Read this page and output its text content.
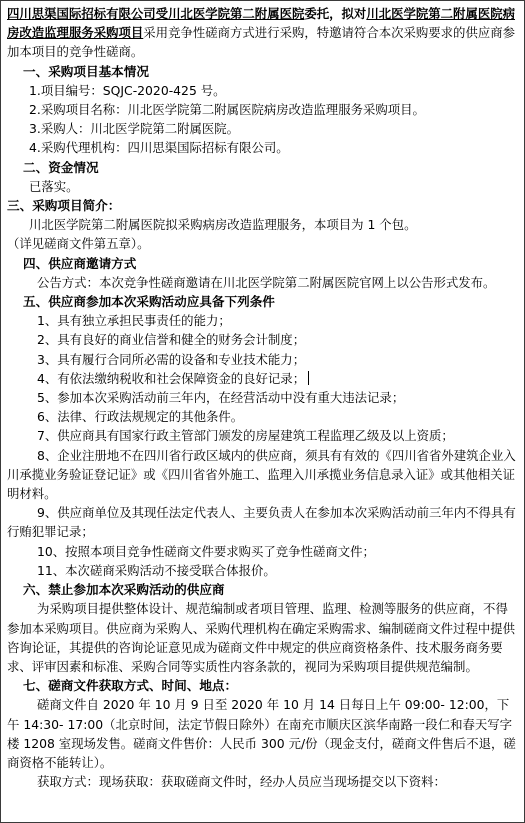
四川思渠国际招标有限公司受川北医学院第二附属医院委托，拟对川北医学院第二附属医院病房改造监理服务采购项目采用竞争性磋商方式进行采购，特邀请符合本次采购要求的供应商参加本项目的竞争性磋商。

一、采购项目基本情况

1.项目编号：SQJC-2020-425 号。

2.采购项目名称：川北医学院第二附属医院病房改造监理服务采购项目。

3.采购人：川北医学院第二附属医院。

4.采购代理机构：四川思渠国际招标有限公司。

二、资金情况

已落实。

三、采购项目简介：

川北医学院第二附属医院拟采购病房改造监理服务，本项目为 1 个包。

（详见磋商文件第五章）。

四、供应商邀请方式

公告方式：本次竞争性磋商邀请在川北医学院第二附属医院官网上以公告形式发布。

五、供应商参加本次采购活动应具备下列条件

1、具有独立承担民事责任的能力；

2、具有良好的商业信誉和健全的财务会计制度；

3、具有履行合同所必需的设备和专业技术能力；

4、有依法缴纳税收和社会保障资金的良好记录；

5、参加本次采购活动前三年内，在经营活动中没有重大违法记录；

6、法律、行政法规规定的其他条件。

7、供应商具有国家行政主管部门颁发的房屋建筑工程监理乙级及以上资质；

8、企业注册地不在四川省行政区域内的供应商，须具有有效的《四川省省外建筑企业入川承揽业务验证登记证》或《四川省省外施工、监理入川承揽业务信息录入证》或其他相关证明材料。

9、供应商单位及其现任法定代表人、主要负责人在参加本次采购活动前三年内不得具有行贿犯罪记录；

10、按照本项目竞争性磋商文件要求购买了竞争性磋商文件；

11、本次磋商采购活动不接受联合体报价。

六、禁止参加本次采购活动的供应商

为采购项目提供整体设计、规范编制或者项目管理、监理、检测等服务的供应商，不得参加本采购项目。供应商为采购人、采购代理机构在确定采购需求、编制磋商文件过程中提供咨询论证，其提供的咨询论证意见成为磋商文件中规定的供应商资格条件、技术服务商务要求、评审因素和标准、采购合同等实质性内容条款的，视同为采购项目提供规范编制。

七、磋商文件获取方式、时间、地点：

磋商文件自 2020 年 10 月 9 日至 2020 年 10 月 14 日每日上午 09:00- 12:00，下午 14:30- 17:00（北京时间，法定节假日除外）在南充市顺庆区滨华南路一段仁和春天写字楼 1208 室现场发售。磋商文件售价：人民币 300 元/份（现金支付，磋商文件售后不退，磋商资格不能转让）。

获取方式：现场获取：获取磋商文件时，经办人员应当现场提交以下资料：
